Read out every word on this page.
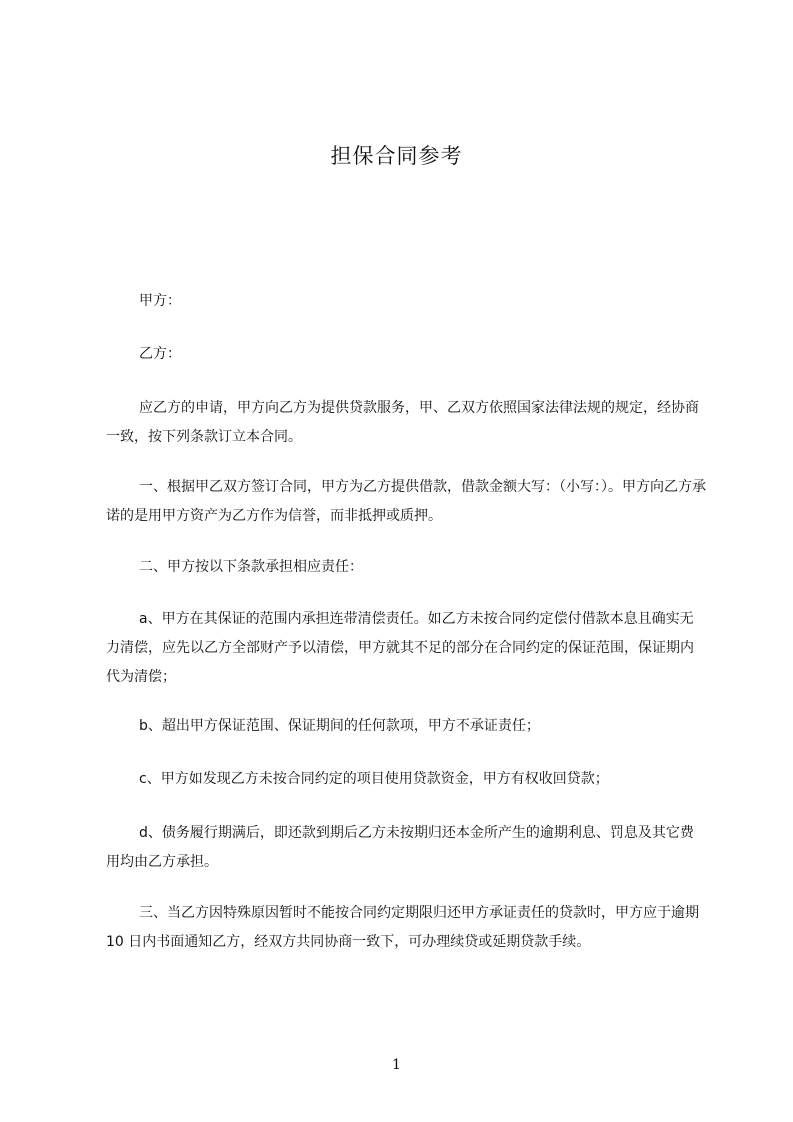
担保合同参考

甲方：

乙方：

应乙方的申请，甲方向乙方为提供贷款服务，甲、乙双方依照国家法律法规的规定，经协商一致，按下列条款订立本合同。

一、根据甲乙双方签订合同，甲方为乙方提供借款，借款金额大写：（小写：）。甲方向乙方承诺的是用甲方资产为乙方作为信誉，而非抵押或质押。

二、甲方按以下条款承担相应责任：

a、甲方在其保证的范围内承担连带清偿责任。如乙方未按合同约定偿付借款本息且确实无力清偿，应先以乙方全部财产予以清偿，甲方就其不足的部分在合同约定的保证范围，保证期内代为清偿；

b、超出甲方保证范围、保证期间的任何款项，甲方不承证责任；

c、甲方如发现乙方未按合同约定的项目使用贷款资金，甲方有权收回贷款；

d、债务履行期满后，即还款到期后乙方未按期归还本金所产生的逾期利息、罚息及其它费用均由乙方承担。

三、当乙方因特殊原因暂时不能按合同约定期限归还甲方承证责任的贷款时，甲方应于逾期 10 日内书面通知乙方，经双方共同协商一致下，可办理续贷或延期贷款手续。

1
